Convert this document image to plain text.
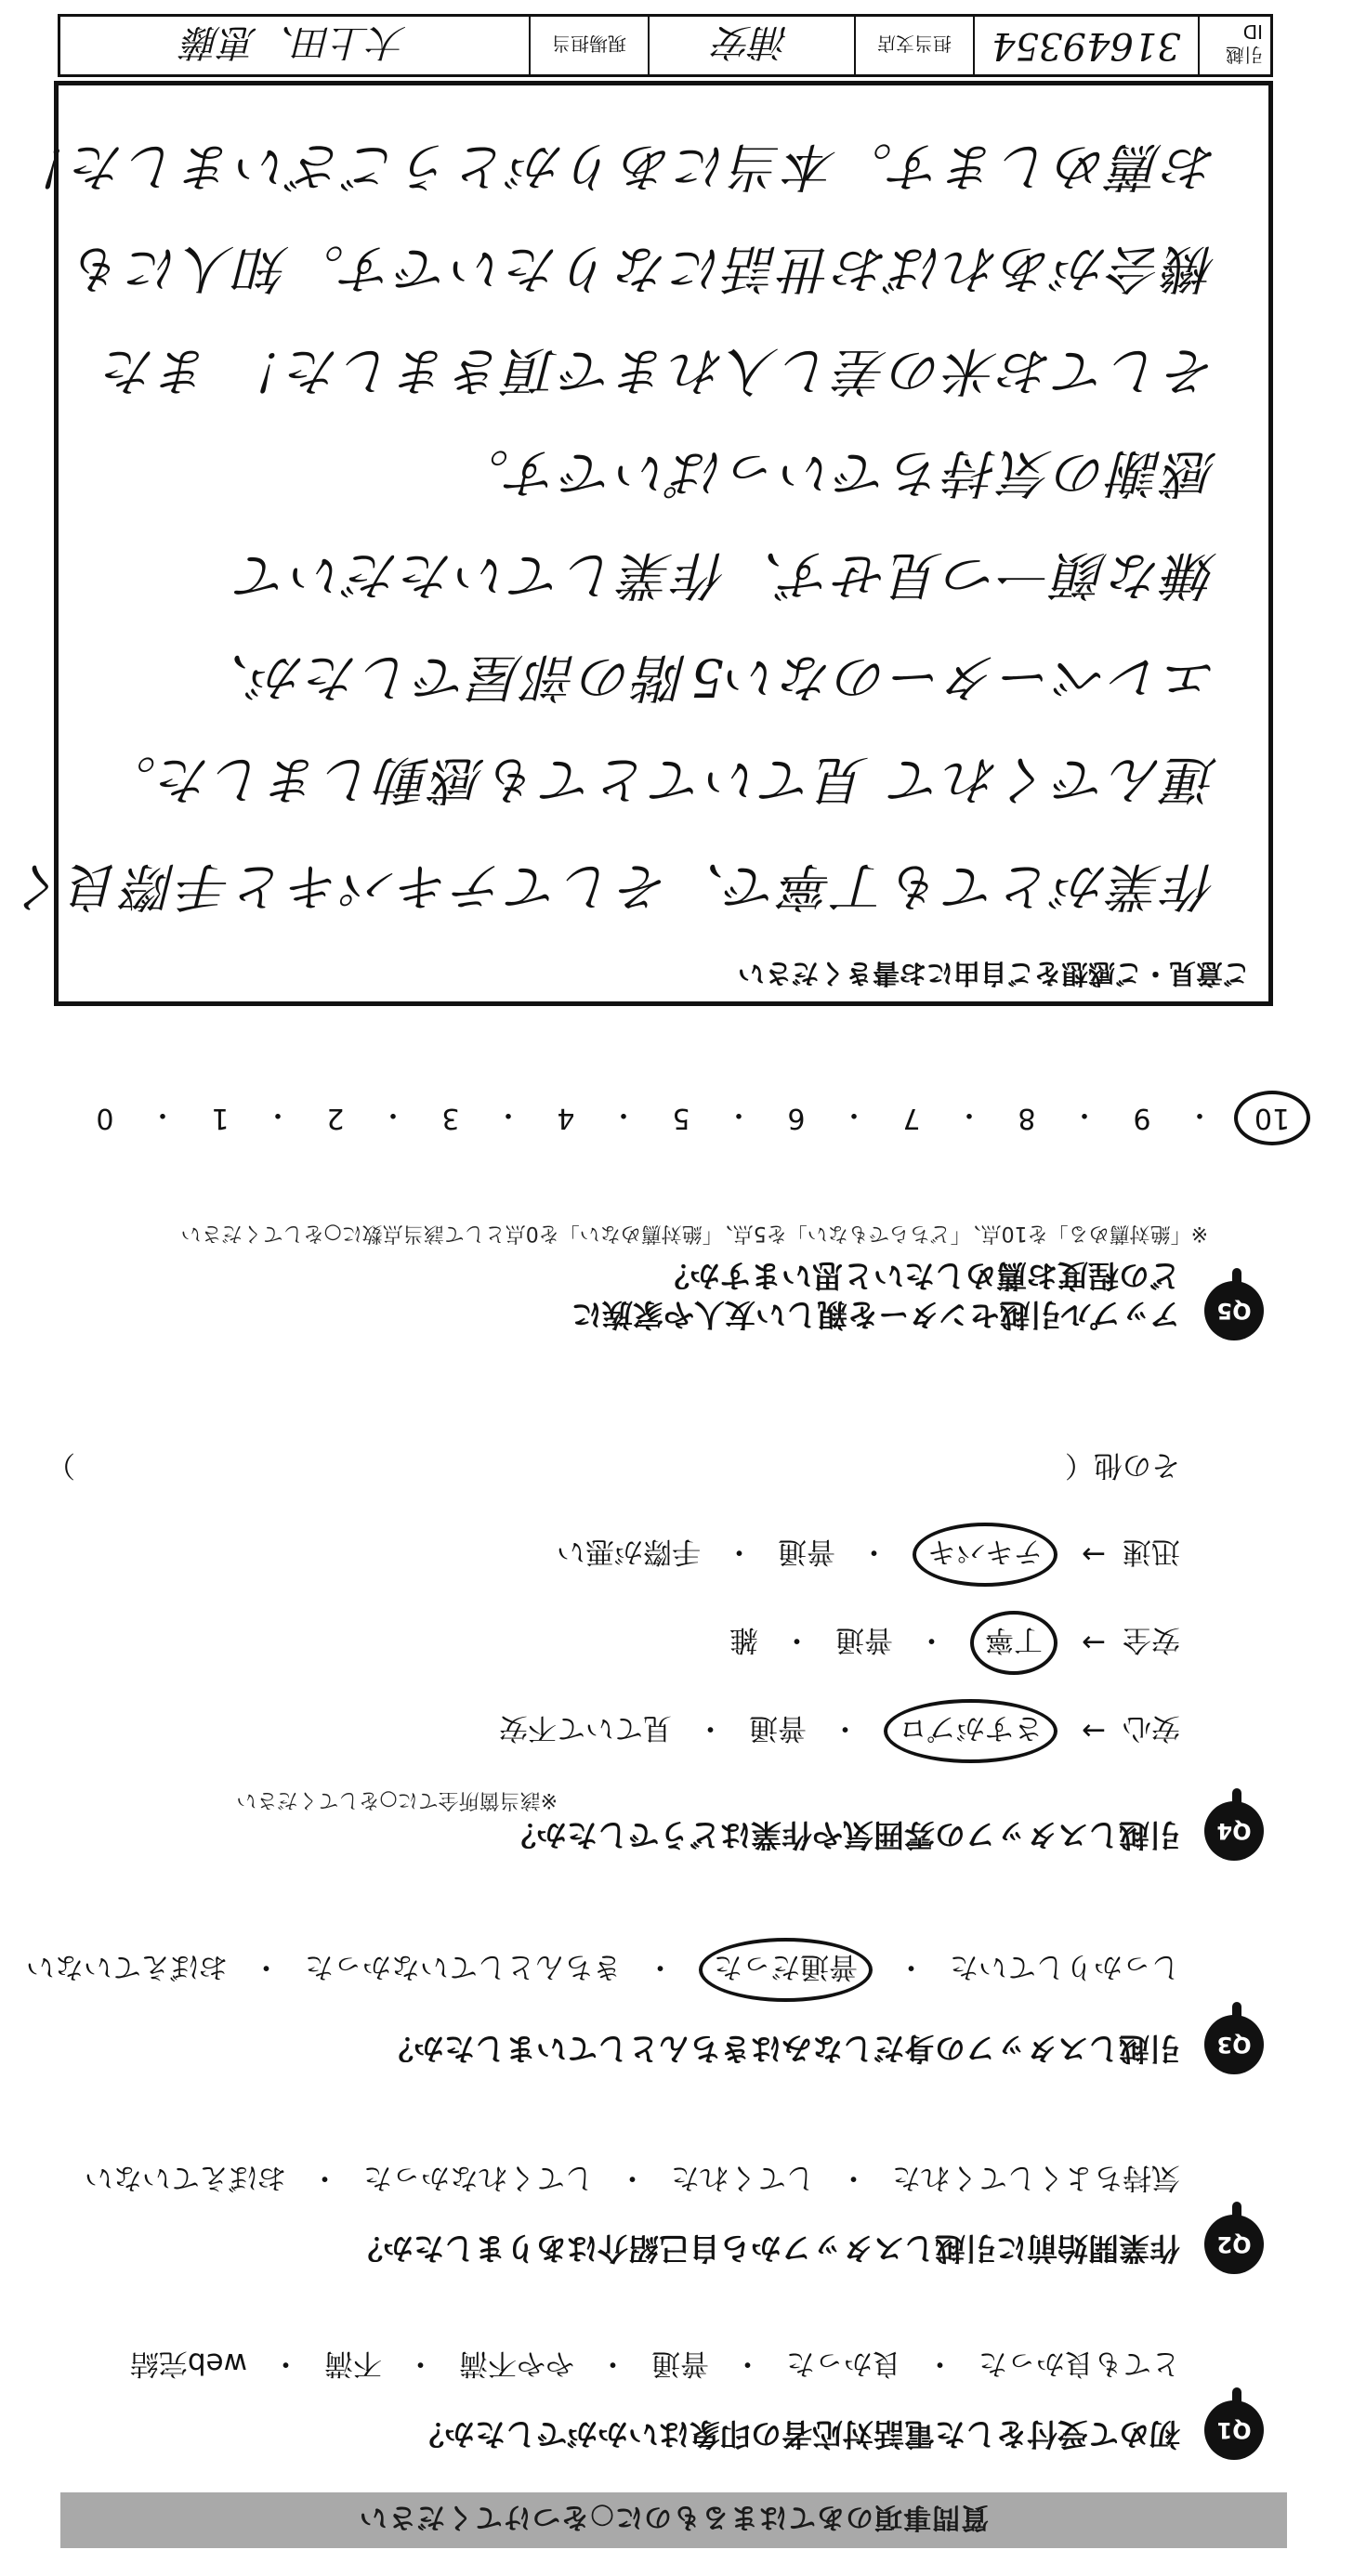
質問事項のあてはまるものに○をつけてください
Q1
初めて受付をした電話対応者の印象はいかがでしたか？
とても良かった
・
良かった
・
普通
・
やや不満
・
不満
・
web完結
Q2
作業開始前に引越しスタッフから自己紹介はありましたか？
気持ちよくしてくれた
・
してくれた
・
してくれなかった
・
おぼえていない
Q3
引越しスタッフの身だしなみはきちんとしていましたか？
しっかりしていた
・
普通だった
・
きちんとしていなかった
・
おぼえていない
Q4
引越しスタッフの雰囲気や作業はどうでしたか？
※該当箇所全てに○をしてください
安心
→
さすがプロ
・
普通
・
見ていて不安
安全
→
丁寧
・
普通
・
雑
迅速
→
テキパキ
・
普通
・
手際が悪い
その他（
）
Q5
アップル引越センターを親しい友人や家族に
どの程度お薦めしたいと思いますか？
※「絶対薦める」を10点、「どちらでもない」を5点、「絶対薦めない」を0点として該当点数に○をしてください
10
・
9
・
8
・
7
・
6
・
5
・
4
・
3
・
2
・
1
・
0
ご意見・ご感想をご自由にお書きください
作業がとても丁寧で、そしてテキパキと手際良く
運んでくれて 見ていてとても感動しました。
エレベーターのない5階の部屋でしたが、
嫌な顔一つ見せず、作業していただいて
感謝の気持ちでいっぱいです。
そしてお米の差し入れまで頂きました！ また
機会があればお世話になりたいです。知人にも
お薦めします。本当にありがとうございました！
引越ID
31649354
担当支店
浦安
現場担当
大上田、恵藤
